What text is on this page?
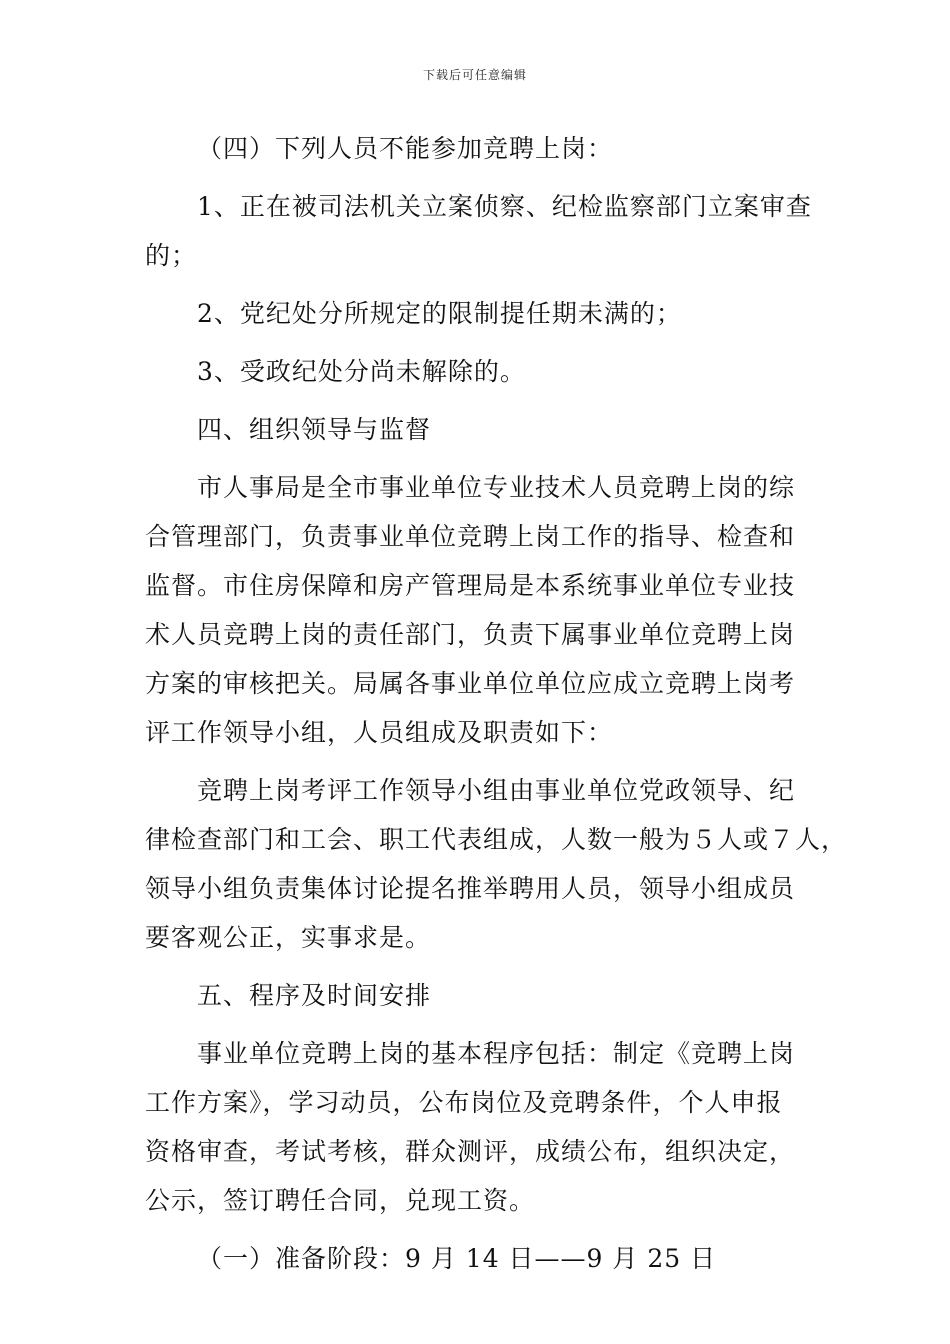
下载后可任意编辑
（四）下列人员不能参加竞聘上岗：
1、正在被司法机关立案侦察、纪检监察部门立案审查
的；
2、党纪处分所规定的限制提任期未满的；
3、受政纪处分尚未解除的。
四、组织领导与监督
市人事局是全市事业单位专业技术人员竞聘上岗的综
合管理部门，负责事业单位竞聘上岗工作的指导、检查和
监督。市住房保障和房产管理局是本系统事业单位专业技
术人员竞聘上岗的责任部门，负责下属事业单位竞聘上岗
方案的审核把关。局属各事业单位单位应成立竞聘上岗考
评工作领导小组，人员组成及职责如下：
竞聘上岗考评工作领导小组由事业单位党政领导、纪
律检查部门和工会、职工代表组成，人数一般为５人或７人，
领导小组负责集体讨论提名推举聘用人员，领导小组成员
要客观公正，实事求是。
五、程序及时间安排
事业单位竞聘上岗的基本程序包括：制定《竞聘上岗
工作方案》，学习动员，公布岗位及竞聘条件，个人申报
资格审查，考试考核，群众测评，成绩公布，组织决定，
公示，签订聘任合同，兑现工资。
（一）准备阶段：9 月 14 日——9 月 25 日
